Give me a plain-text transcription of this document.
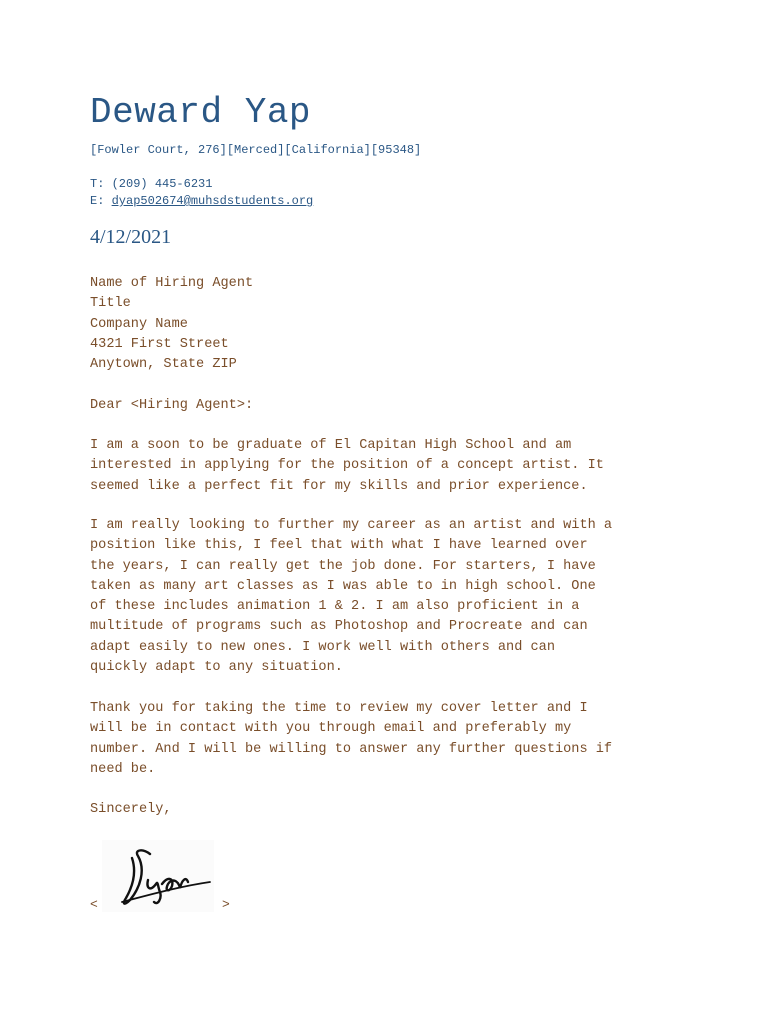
Deward Yap
[Fowler Court, 276][Merced][California][95348]
T: (209) 445-6231
E: dyap502674@muhsdstudents.org
4/12/2021
Name of Hiring Agent
Title
Company Name
4321 First Street
Anytown, State ZIP
Dear <Hiring Agent>:
I am a soon to be graduate of El Capitan High School and am
interested in applying for the position of a concept artist. It
seemed like a perfect fit for my skills and prior experience.
I am really looking to further my career as an artist and with a
position like this, I feel that with what I have learned over
the years, I can really get the job done. For starters, I have
taken as many art classes as I was able to in high school. One
of these includes animation 1 & 2. I am also proficient in a
multitude of programs such as Photoshop and Procreate and can
adapt easily to new ones. I work well with others and can
quickly adapt to any situation.
Thank you for taking the time to review my cover letter and I
will be in contact with you through email and preferably my
number. And I will be willing to answer any further questions if
need be.
Sincerely,
<	>
